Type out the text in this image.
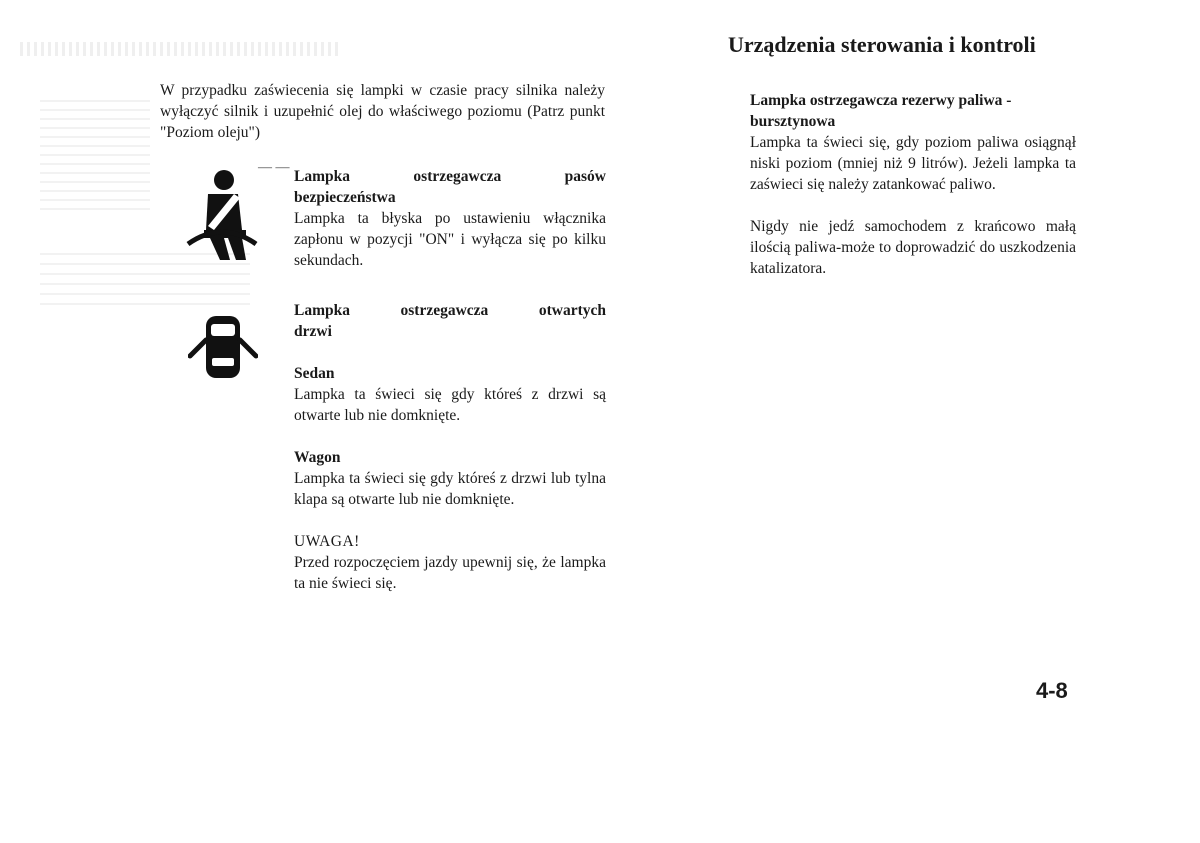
W przypadku zaświecenia się lampki w czasie pracy silnika należy wyłączyć silnik i uzupełnić olej do właściwego poziomu (Patrz punkt "Poziom oleju")

— —

Lampka ostrzegawcza pasów

bezpieczeństwa

Lampka ta błyska po ustawieniu włącznika zapłonu w pozycji "ON" i wyłącza się po kilku sekundach.

Lampka ostrzegawcza otwartych

drzwi

Sedan

Lampka ta świeci się gdy któreś z drzwi są otwarte lub nie domknięte.

Wagon

Lampka ta świeci się gdy któreś z drzwi lub tylna klapa są otwarte lub nie domknięte.

UWAGA!

Przed rozpoczęciem jazdy upewnij się, że lampka ta nie świeci się.

Urządzenia sterowania i kontroli

Lampka ostrzegawcza rezerwy paliwa -

bursztynowa

Lampka ta świeci się, gdy poziom paliwa osiągnął niski poziom (mniej niż 9 litrów). Jeżeli lampka ta zaświeci się należy zatankować paliwo.

Nigdy nie jedź samochodem z krańcowo małą ilością paliwa-może to doprowadzić do uszkodzenia katalizatora.

4-8
